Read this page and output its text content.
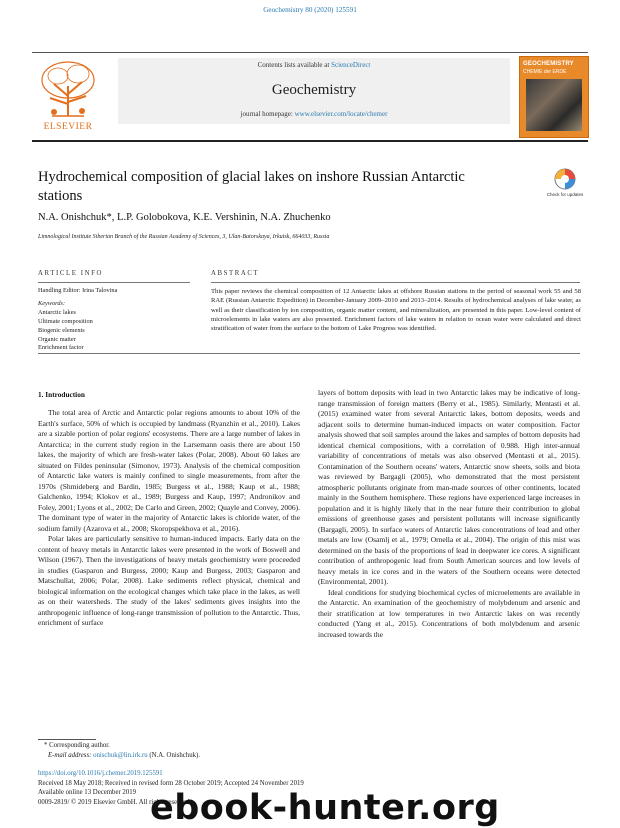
Geochemistry 80 (2020) 125591
ELSEVIER
Contents lists available at ScienceDirect
Geochemistry
journal homepage: www.elsevier.com/locate/chemer
GEOCHEMISTRY
CHEMIE der ERDE
Hydrochemical composition of glacial lakes on inshore Russian Antarctic stations	Check for updates
N.A. Onishchuk*, L.P. Golobokova, K.E. Vershinin, N.A. Zhuchenko
Limnological Institute Siberian Branch of the Russian Academy of Sciences, 3, Ulan-Batorskaya, Irkutsk, 664033, Russia
ARTICLE INFO	ABSTRACT
Handling Editor: Irina Talovina
Keywords:
Antarctic lakes
Ultimate composition
Biogenic elements
Organic matter
Enrichment factor
This paper reviews the chemical composition of 12 Antarctic lakes at offshore Russian stations in the period of seasonal work 55 and 58 RAE (Russian Antarctic Expedition) in December-January 2009–2010 and 2013–2014. Results of hydrochemical analyses of lake water, as well as their classification by ion composition, organic matter content, and mineralization, are presented in this paper. Low-level content of microelements in lake waters are also presented. Enrichment factors of lake waters in relation to ocean water were calculated and direct stratification of water from the surface to the bottom of Lake Progress was identified.
1. Introduction

The total area of Arctic and Antarctic polar regions amounts to about 10% of the Earth's surface, 50% of which is occupied by landmass (Ryanzhin et al., 2010). Lakes are a sizable portion of polar regions' ecosystems. There are a large number of lakes in Antarctica; in the current study region in the Larsemann oasis there are about 150 lakes, the majority of which are fresh-water lakes (Polar, 2008). About 60 lakes are situated on Fildes peninsular (Simonov, 1973). Analysis of the chemical composition of Antarctic lake waters is mainly confined to single measurements, from after the 1970s (Shmideberg and Bardin, 1985; Burgess et al., 1988; Kaup et al., 1988; Galchenko, 1994; Klokov et al., 1989; Burgess and Kaup, 1997; Andronikov and Foley, 2001; Lyons et al., 2002; De Carlo and Green, 2002; Quayle and Convey, 2006). The dominant type of water in the majority of Antarctic lakes is chloride water, of the sodium family (Azarova et al., 2008; Skoropspekhova et al., 2016).

Polar lakes are particularly sensitive to human-induced impacts. Early data on the content of heavy metals in Antarctic lakes were presented in the work of Boswell and Wilson (1967). Then the investigations of heavy metals geochemistry were proceeded in studies (Gasparon and Burgess, 2000; Kaup and Burgess, 2003; Gasparon and Matschullat, 2006; Polar, 2008). Lake sediments reflect physical, chemical and biological information on the ecological changes which take place in the lakes, as well as on their watersheds. The study of the lakes' sediments gives insights into the anthropogenic influence of long-range transmission of pollution to the Antarctic. Thus, enrichment of surface

layers of bottom deposits with lead in two Antarctic lakes may be indicative of long-range transmission of foreign matters (Berry et al., 1985). Similarly, Mentasti et al. (2015) examined water from several Antarctic lakes, bottom deposits, weeds and adjacent soils to determine human-induced impacts on water composition. Factor analysis showed that soil samples around the lakes and samples of bottom deposits had identical chemical compositions, with a correlation of 0.988. High inter-annual variability of concentrations of metals was also observed (Mentasti et al., 2015). Contamination of the Southern oceans' waters, Antarctic snow sheets, soils and biota was reviewed by Bargagli (2005), who demonstrated that the most persistent atmospheric pollutants originate from man-made sources of other continents, located mainly in the Southern hemisphere. These regions have experienced large increases in population and it is highly likely that in the near future their contribution to global emissions of greenhouse gases and persistent pollutants will increase significantly (Bargagli, 2005). In surface waters of Antarctic lakes concentrations of lead and other metals are low (Osamlj et al., 1979; Ornella et al., 2004). The origin of this mist was determined on the basis of the proportions of lead in deepwater ice cores. A significant contribution of anthropogenic lead from South American sources and low levels of heavy metals in ice cores and in the waters of the Southern oceans were detected (Environmental, 2001).

Ideal conditions for studying biochemical cycles of microelements are available in the Antarctic. An examination of the geochemistry of molybdenum and arsenic and their stratification at low temperatures in two Antarctic lakes on was recently conducted (Yang et al., 2015). Concentrations of both molybdenum and arsenic increased towards the

* Corresponding author.
E-mail address: onischuk@lin.irk.ru (N.A. Onishchuk).
https://doi.org/10.1016/j.chemer.2019.125591
Received 18 May 2018; Received in revised form 28 October 2019; Accepted 24 November 2019
Available online 13 December 2019
0009-2819/ © 2019 Elsevier GmbH. All rights reserved.
ebook-hunter.org
